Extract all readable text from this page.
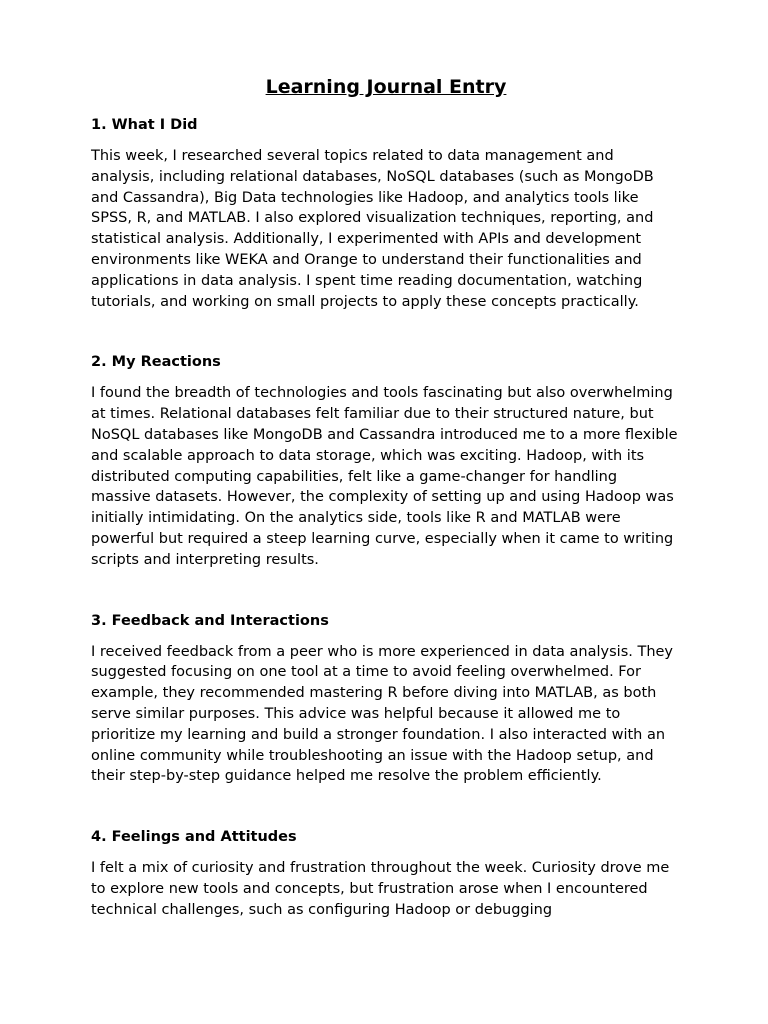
Learning Journal Entry
1. What I Did

This week, I researched several topics related to data management and analysis, including relational databases, NoSQL databases (such as MongoDB and Cassandra), Big Data technologies like Hadoop, and analytics tools like SPSS, R, and MATLAB. I also explored visualization techniques, reporting, and statistical analysis. Additionally, I experimented with APIs and development environments like WEKA and Orange to understand their functionalities and applications in data analysis. I spent time reading documentation, watching tutorials, and working on small projects to apply these concepts practically.

2. My Reactions

I found the breadth of technologies and tools fascinating but also overwhelming at times. Relational databases felt familiar due to their structured nature, but NoSQL databases like MongoDB and Cassandra introduced me to a more flexible and scalable approach to data storage, which was exciting. Hadoop, with its distributed computing capabilities, felt like a game-changer for handling massive datasets. However, the complexity of setting up and using Hadoop was initially intimidating. On the analytics side, tools like R and MATLAB were powerful but required a steep learning curve, especially when it came to writing scripts and interpreting results.

3. Feedback and Interactions

I received feedback from a peer who is more experienced in data analysis. They suggested focusing on one tool at a time to avoid feeling overwhelmed. For example, they recommended mastering R before diving into MATLAB, as both serve similar purposes. This advice was helpful because it allowed me to prioritize my learning and build a stronger foundation. I also interacted with an online community while troubleshooting an issue with the Hadoop setup, and their step-by-step guidance helped me resolve the problem efficiently.

4. Feelings and Attitudes

I felt a mix of curiosity and frustration throughout the week. Curiosity drove me to explore new tools and concepts, but frustration arose when I encountered technical challenges, such as configuring Hadoop or debugging
